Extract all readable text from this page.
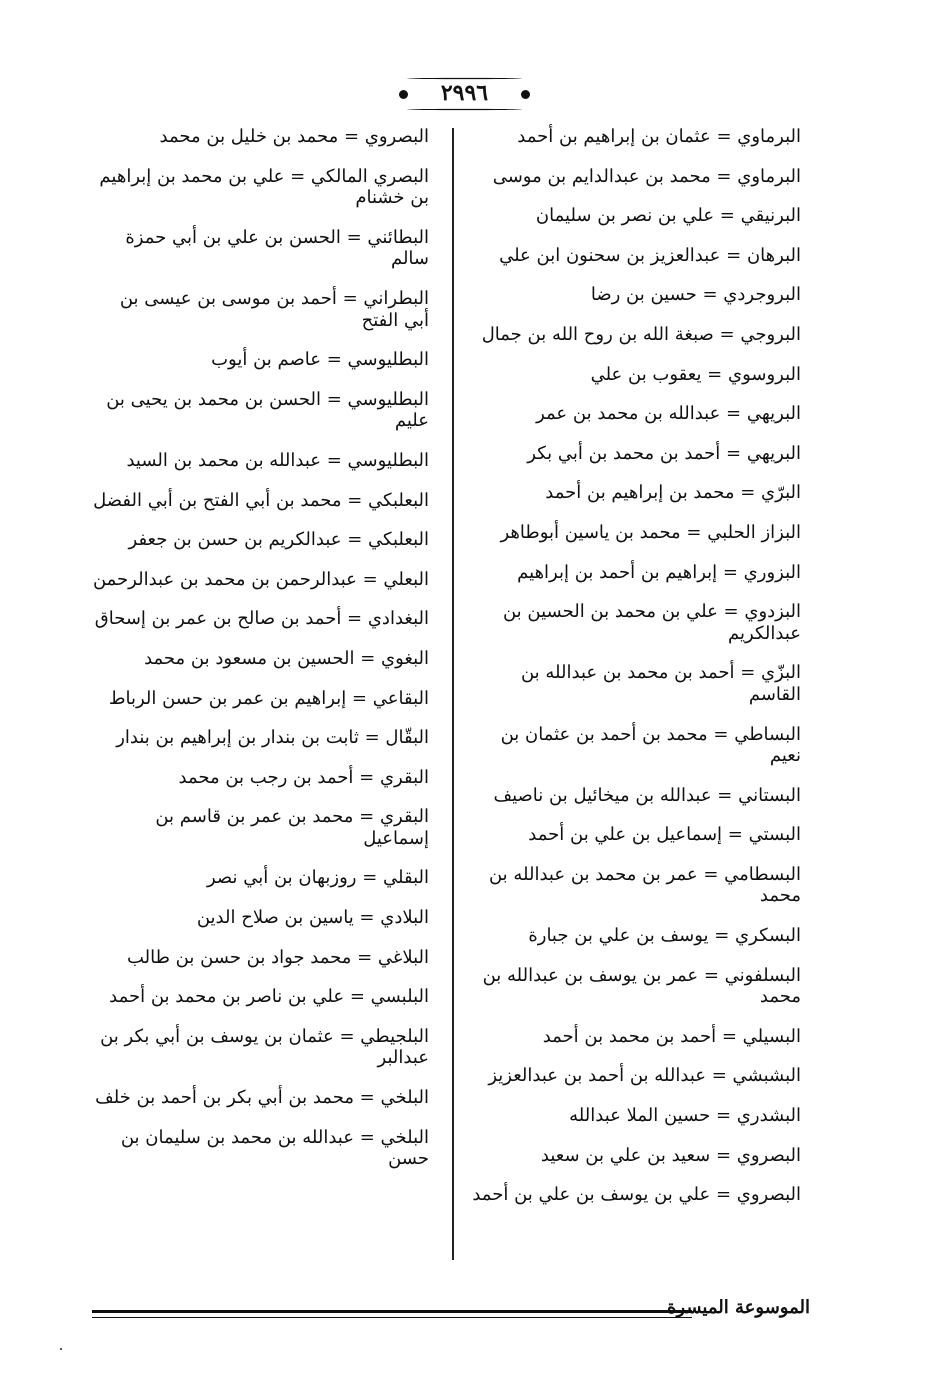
٢٩٩٦

البرماوي = عثمان بن إبراهيم بن أحمد

البرماوي = محمد بن عبدالدايم بن موسى

البرنيقي = علي بن نصر بن سليمان

البرهان = عبدالعزيز بن سحنون ابن علي

البروجردي = حسين بن رضا

البروجي = صبغة الله بن روح الله بن جمال

البروسوي = يعقوب بن علي

البريهي = عبدالله بن محمد بن عمر

البريهي = أحمد بن محمد بن أبي بكر

البرّي = محمد بن إبراهيم بن أحمد

البزاز الحلبي = محمد بن ياسين أبوطاهر

البزوري = إبراهيم بن أحمد بن إبراهيم

البزدوي = علي بن محمد بن الحسين بن عبدالكريم

البزّي = أحمد بن محمد بن عبدالله بن القاسم

البساطي = محمد بن أحمد بن عثمان بن نعيم

البستاني = عبدالله بن ميخائيل بن ناصيف

البستي = إسماعيل بن علي بن أحمد

البسطامي = عمر بن محمد بن عبدالله بن محمد

البسكري = يوسف بن علي بن جبارة

البسلفوني = عمر بن يوسف بن عبدالله بن محمد

البسيلي = أحمد بن محمد بن أحمد

البشبشي = عبدالله بن أحمد بن عبدالعزيز

البشدري = حسين الملا عبدالله

البصروي = سعيد بن علي بن سعيد

البصروي = علي بن يوسف بن علي بن أحمد

البصروي = محمد بن خليل بن محمد

البصري المالكي = علي بن محمد بن إبراهيم بن خشنام

البطائني = الحسن بن علي بن أبي حمزة سالم

البطراني = أحمد بن موسى بن عيسى بن أبي الفتح

البطليوسي = عاصم بن أيوب

البطليوسي = الحسن بن محمد بن يحيى بن عليم

البطليوسي = عبدالله بن محمد بن السيد

البعلبكي = محمد بن أبي الفتح بن أبي الفضل

البعلبكي = عبدالكريم بن حسن بن جعفر

البعلي = عبدالرحمن بن محمد بن عبدالرحمن

البغدادي = أحمد بن صالح بن عمر بن إسحاق

البغوي = الحسين بن مسعود بن محمد

البقاعي = إبراهيم بن عمر بن حسن الرباط

البقّال = ثابت بن بندار بن إبراهيم بن بندار

البقري = أحمد بن رجب بن محمد

البقري = محمد بن عمر بن قاسم بن إسماعيل

البقلي = روزبهان بن أبي نصر

البلادي = ياسين بن صلاح الدين

البلاغي = محمد جواد بن حسن بن طالب

البلبسي = علي بن ناصر بن محمد بن أحمد

البلجيطي = عثمان بن يوسف بن أبي بكر بن عبدالبر

البلخي = محمد بن أبي بكر بن أحمد بن خلف

البلخي = عبدالله بن محمد بن سليمان بن حسن

الموسوعة الميسرة
